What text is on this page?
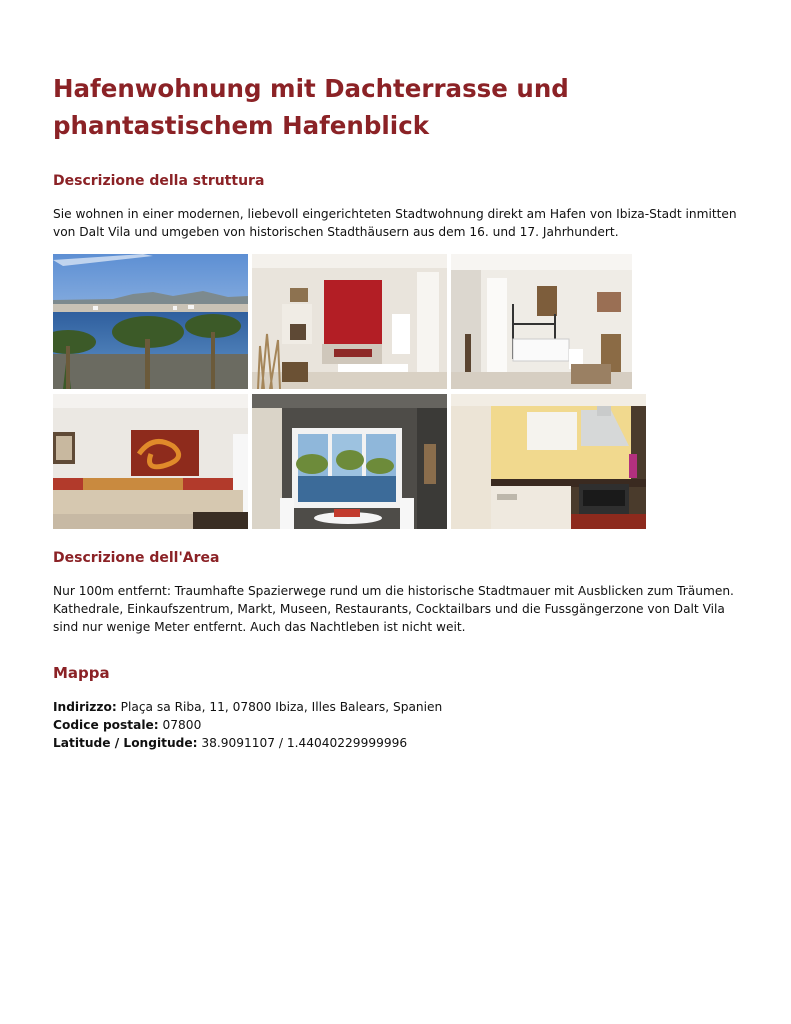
Hafenwohnung mit Dachterrasse und phantastischem Hafenblick
Descrizione della struttura

Sie wohnen in einer modernen, liebevoll eingerichteten Stadtwohnung direkt am Hafen von Ibiza-Stadt inmitten von Dalt Vila und umgeben von historischen Stadthäusern aus dem 16. und 17. Jahrhundert.

Descrizione dell'Area

Nur 100m entfernt: Traumhafte Spazierwege rund um die historische Stadtmauer mit Ausblicken zum Träumen. Kathedrale, Einkaufszentrum, Markt, Museen, Restaurants, Cocktailbars und die Fussgängerzone von Dalt Vila sind nur wenige Meter entfernt. Auch das Nachtleben ist nicht weit.

Mappa
Indirizzo: Plaça sa Riba, 11, 07800 Ibiza, Illes Balears, Spanien
Codice postale: 07800
Latitude / Longitude: 38.9091107 / 1.44040229999996
